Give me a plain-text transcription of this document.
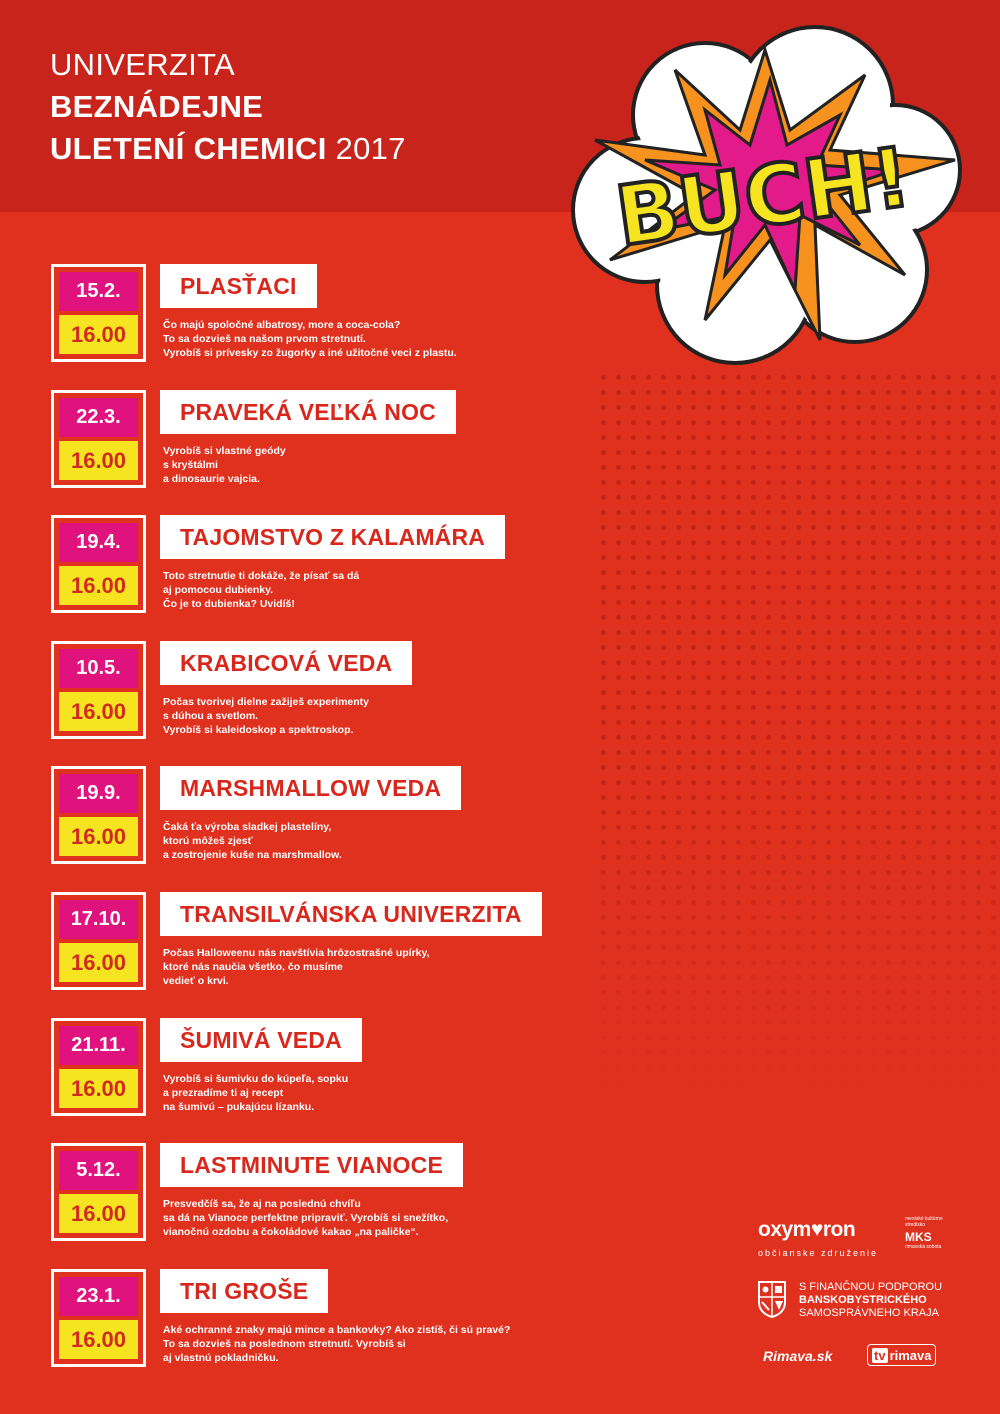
UNIVERZITA
BEZNÁDEJNE
ULETENÍ CHEMICI 2017 BUCH!
15.2.
16.00
PLASŤACI
Čo majú spoločné albatrosy, more a coca-cola?
To sa dozvieš na našom prvom stretnutí.
Vyrobíš si prívesky zo žugorky a iné užitočné veci z plastu.
22.3.
16.00
PRAVEKÁ VEĽKÁ NOC
Vyrobíš si vlastné geódy
s kryštálmi
a dinosaurie vajcia.
19.4.
16.00
TAJOMSTVO Z KALAMÁRA
Toto stretnutie ti dokáže, že písať sa dá
aj pomocou dubienky.
Čo je to dubienka? Uvidíš!
10.5.
16.00
KRABICOVÁ VEDA
Počas tvorivej dielne zažiješ experimenty
s dúhou a svetlom.
Vyrobíš si kaleidoskop a spektroskop.
19.9.
16.00
MARSHMALLOW VEDA
Čaká ťa výroba sladkej plastelíny,
ktorú môžeš zjesť
a zostrojenie kuše na marshmallow.
17.10.
16.00
TRANSILVÁNSKA UNIVERZITA
Počas Halloweenu nás navštívia hrôzostrašné upírky,
ktoré nás naučia všetko, čo musíme
vedieť o krvi.
21.11.
16.00
ŠUMIVÁ VEDA
Vyrobíš si šumivku do kúpeľa, sopku
a prezradíme ti aj recept
na šumivú – pukajúcu lízanku.
5.12.
16.00
LASTMINUTE VIANOCE
Presvedčíš sa, že aj na poslednú chvíľu
sa dá na Vianoce perfektne pripraviť. Vyrobíš si snežítko,
vianočnú ozdobu a čokoládové kakao „na paličke“.
23.1.
16.00
TRI GROŠE
Aké ochranné znaky majú mince a bankovky? Ako zistíš, či sú pravé?
To sa dozvieš na poslednom stretnutí. Vyrobíš si
aj vlastnú pokladničku.
oxym♥ron
občianske združenie
mestské kultúrne stredisko
MKS
rimavská sobota
S FINANČNOU PODPOROU
BANSKOBYSTRICKÉHO
SAMOSPRÁVNEHO KRAJA
Rimava.sk	tv rimava
